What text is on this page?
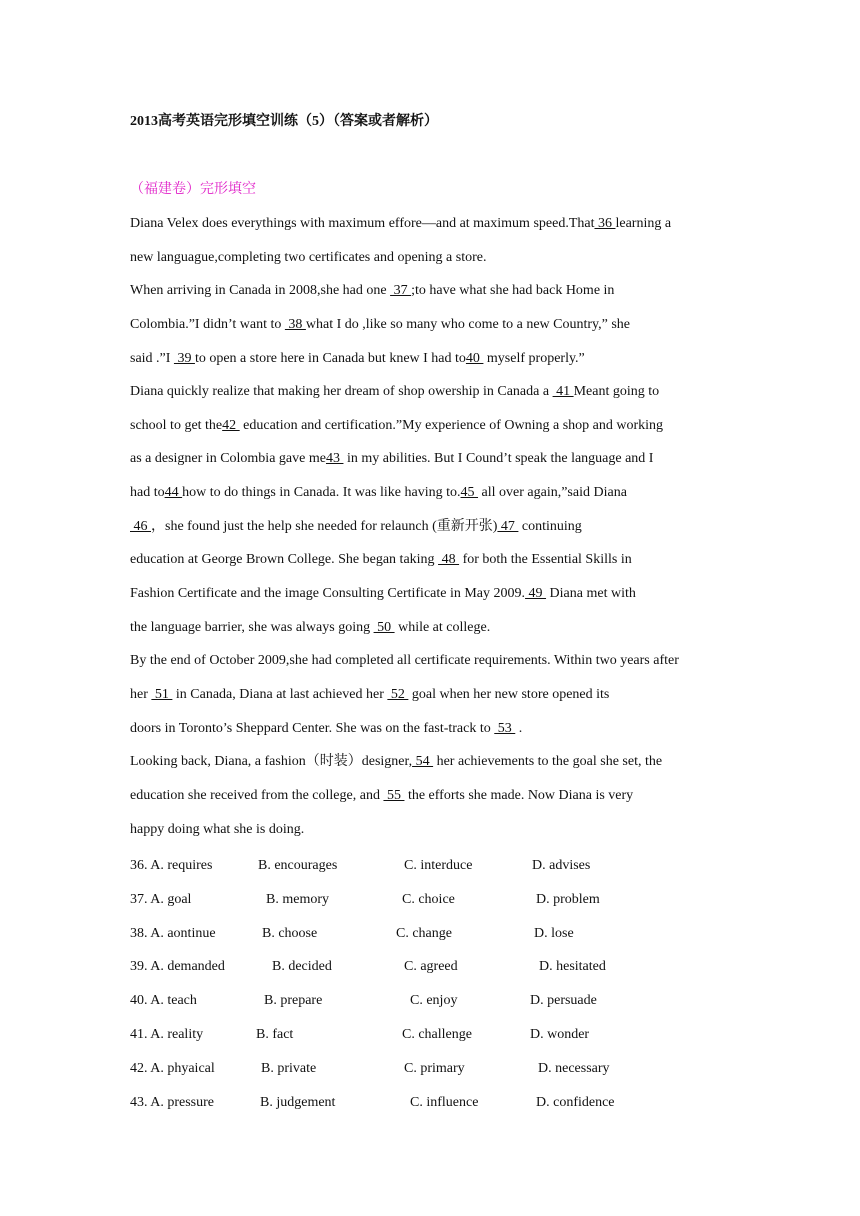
2013高考英语完形填空训练（5）（答案或者解析）
（福建卷）完形填空
Diana Velex does everythings with maximum effore—and at maximum speed.That 36 learning a
new languague,completing two certificates and opening a store.
When arriving in Canada in 2008,she had one  37 ;to have what she had back Home in
Colombia.”I didn’t want to  38 what I do ,like so many who come to a new Country,” she
said .”I  39 to open a store here in Canada but knew I had to40  myself properly.”
Diana quickly realize that making her dream of shop owership in Canada a  41 Meant going to
school to get the42  education and certification.”My experience of Owning a shop and working
as a designer in Colombia gave me43  in my abilities. But I Cound’t speak the language and I
had to44 how to do things in Canada. It was like having to.45  all over again,”said Diana
46 ，she found just the help she needed for relaunch (重新开张) 47  continuing
education at George Brown College. She began taking  48  for both the Essential Skills in
Fashion Certificate and the image Consulting Certificate in May 2009. 49  Diana met with
the language barrier, she was always going  50  while at college.
By the end of October 2009,she had completed all certificate requirements. Within two years after
her  51  in Canada, Diana at last achieved her  52  goal when her new store opened its
doors in Toronto’s Sheppard Center. She was on the fast-track to  53  .
Looking back, Diana, a fashion（时装）designer, 54  her achievements to the goal she set, the
education she received from the college, and  55  the efforts she made. Now Diana is very
happy doing what she is doing.
36. A. requires	B. encourages	C. interduce	D. advises
37. A. goal	B. memory	C. choice	D. problem
38. A. aontinue	B. choose	C. change	D. lose
39. A. demanded	B. decided	C. agreed	D. hesitated
40. A. teach	B. prepare	C. enjoy	D. persuade
41. A. reality	B. fact	C. challenge	D. wonder
42. A. phyaical	B. private	C. primary	D. necessary
43. A. pressure	B. judgement	C. influence	D. confidence
